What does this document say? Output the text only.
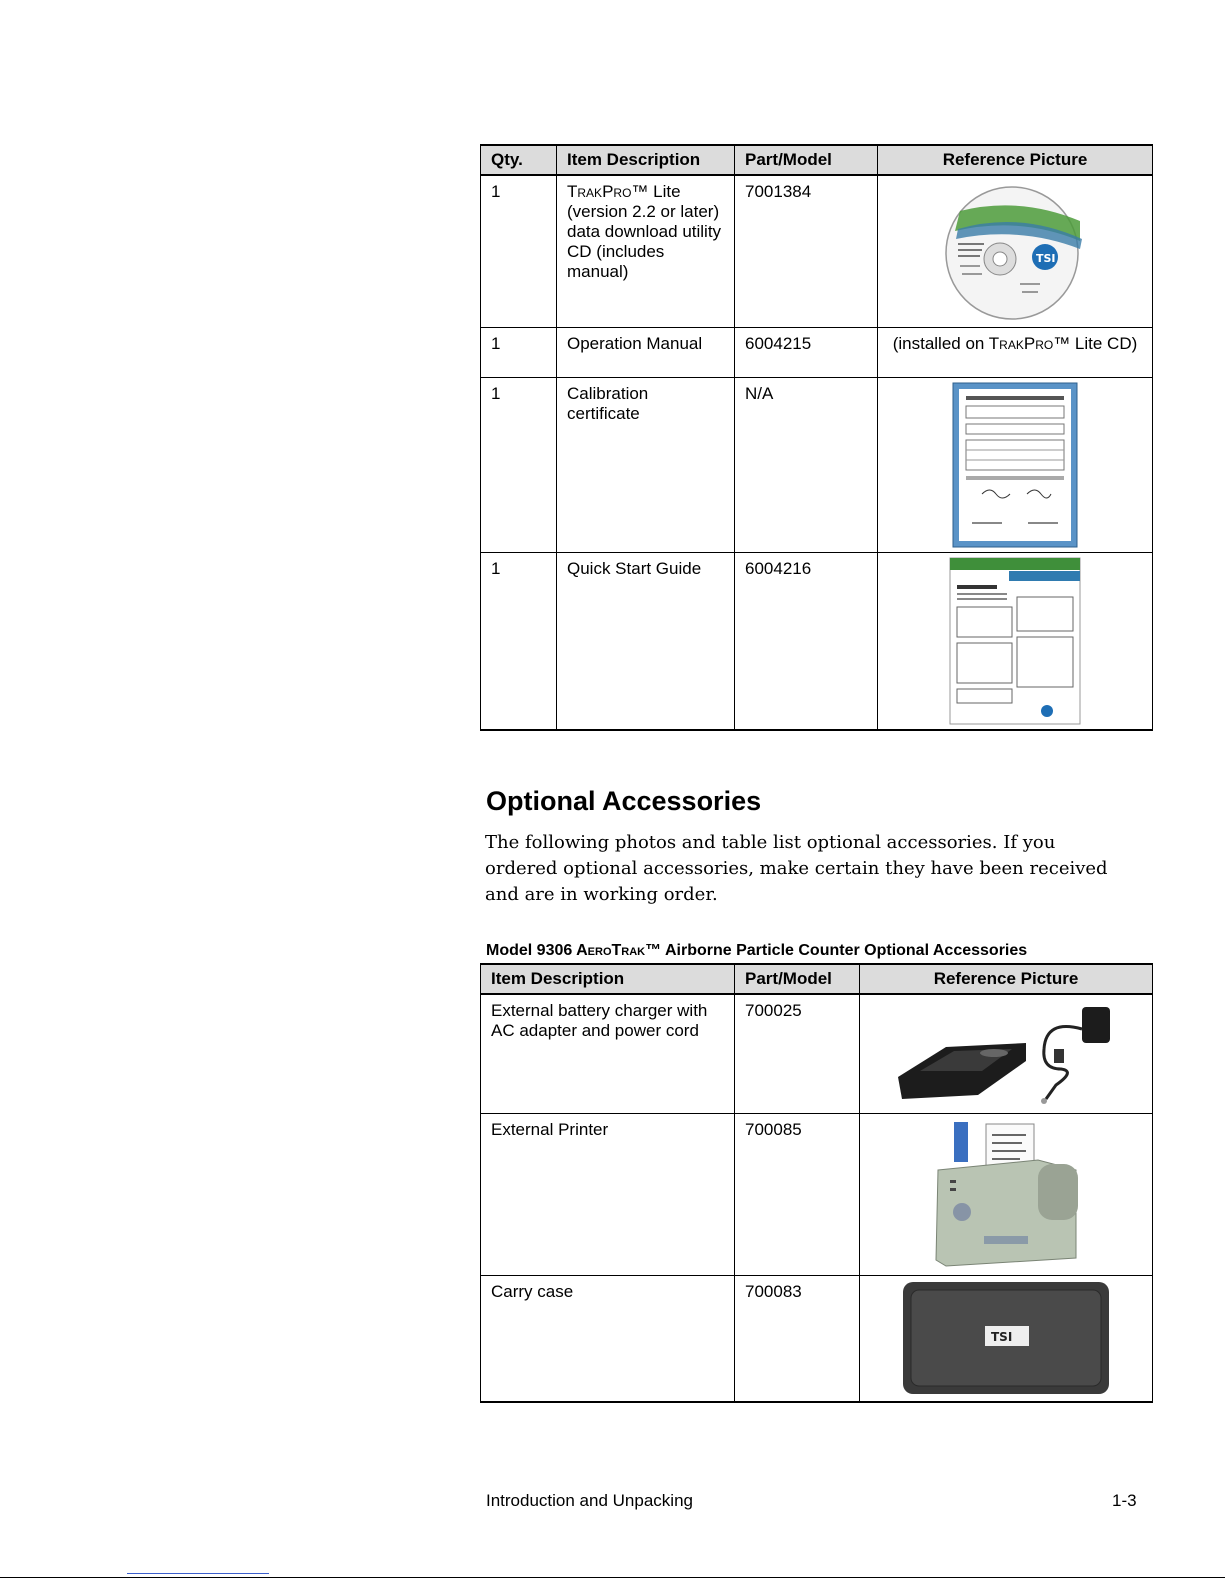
Qty.	Item Description	Part/Model	Reference Picture
1	TrakPro™ Lite (version 2.2 or later) data download utility CD (includes manual)	7001384	TSI

1	Operation Manual	6004215	(installed on TrakPro™ Lite CD)
1	Calibration certificate	N/A	

1	Quick Start Guide	6004216	
Optional Accessories
The following photos and table list optional accessories. If you ordered optional accessories, make certain they have been received and are in working order.
Model 9306 AeroTrak™ Airborne Particle Counter Optional Accessories
Item Description	Part/Model	Reference Picture
External battery charger with AC adapter and power cord	700025	

External Printer	700085	

Carry case	700083	TSI
Introduction and Unpacking	1-3
